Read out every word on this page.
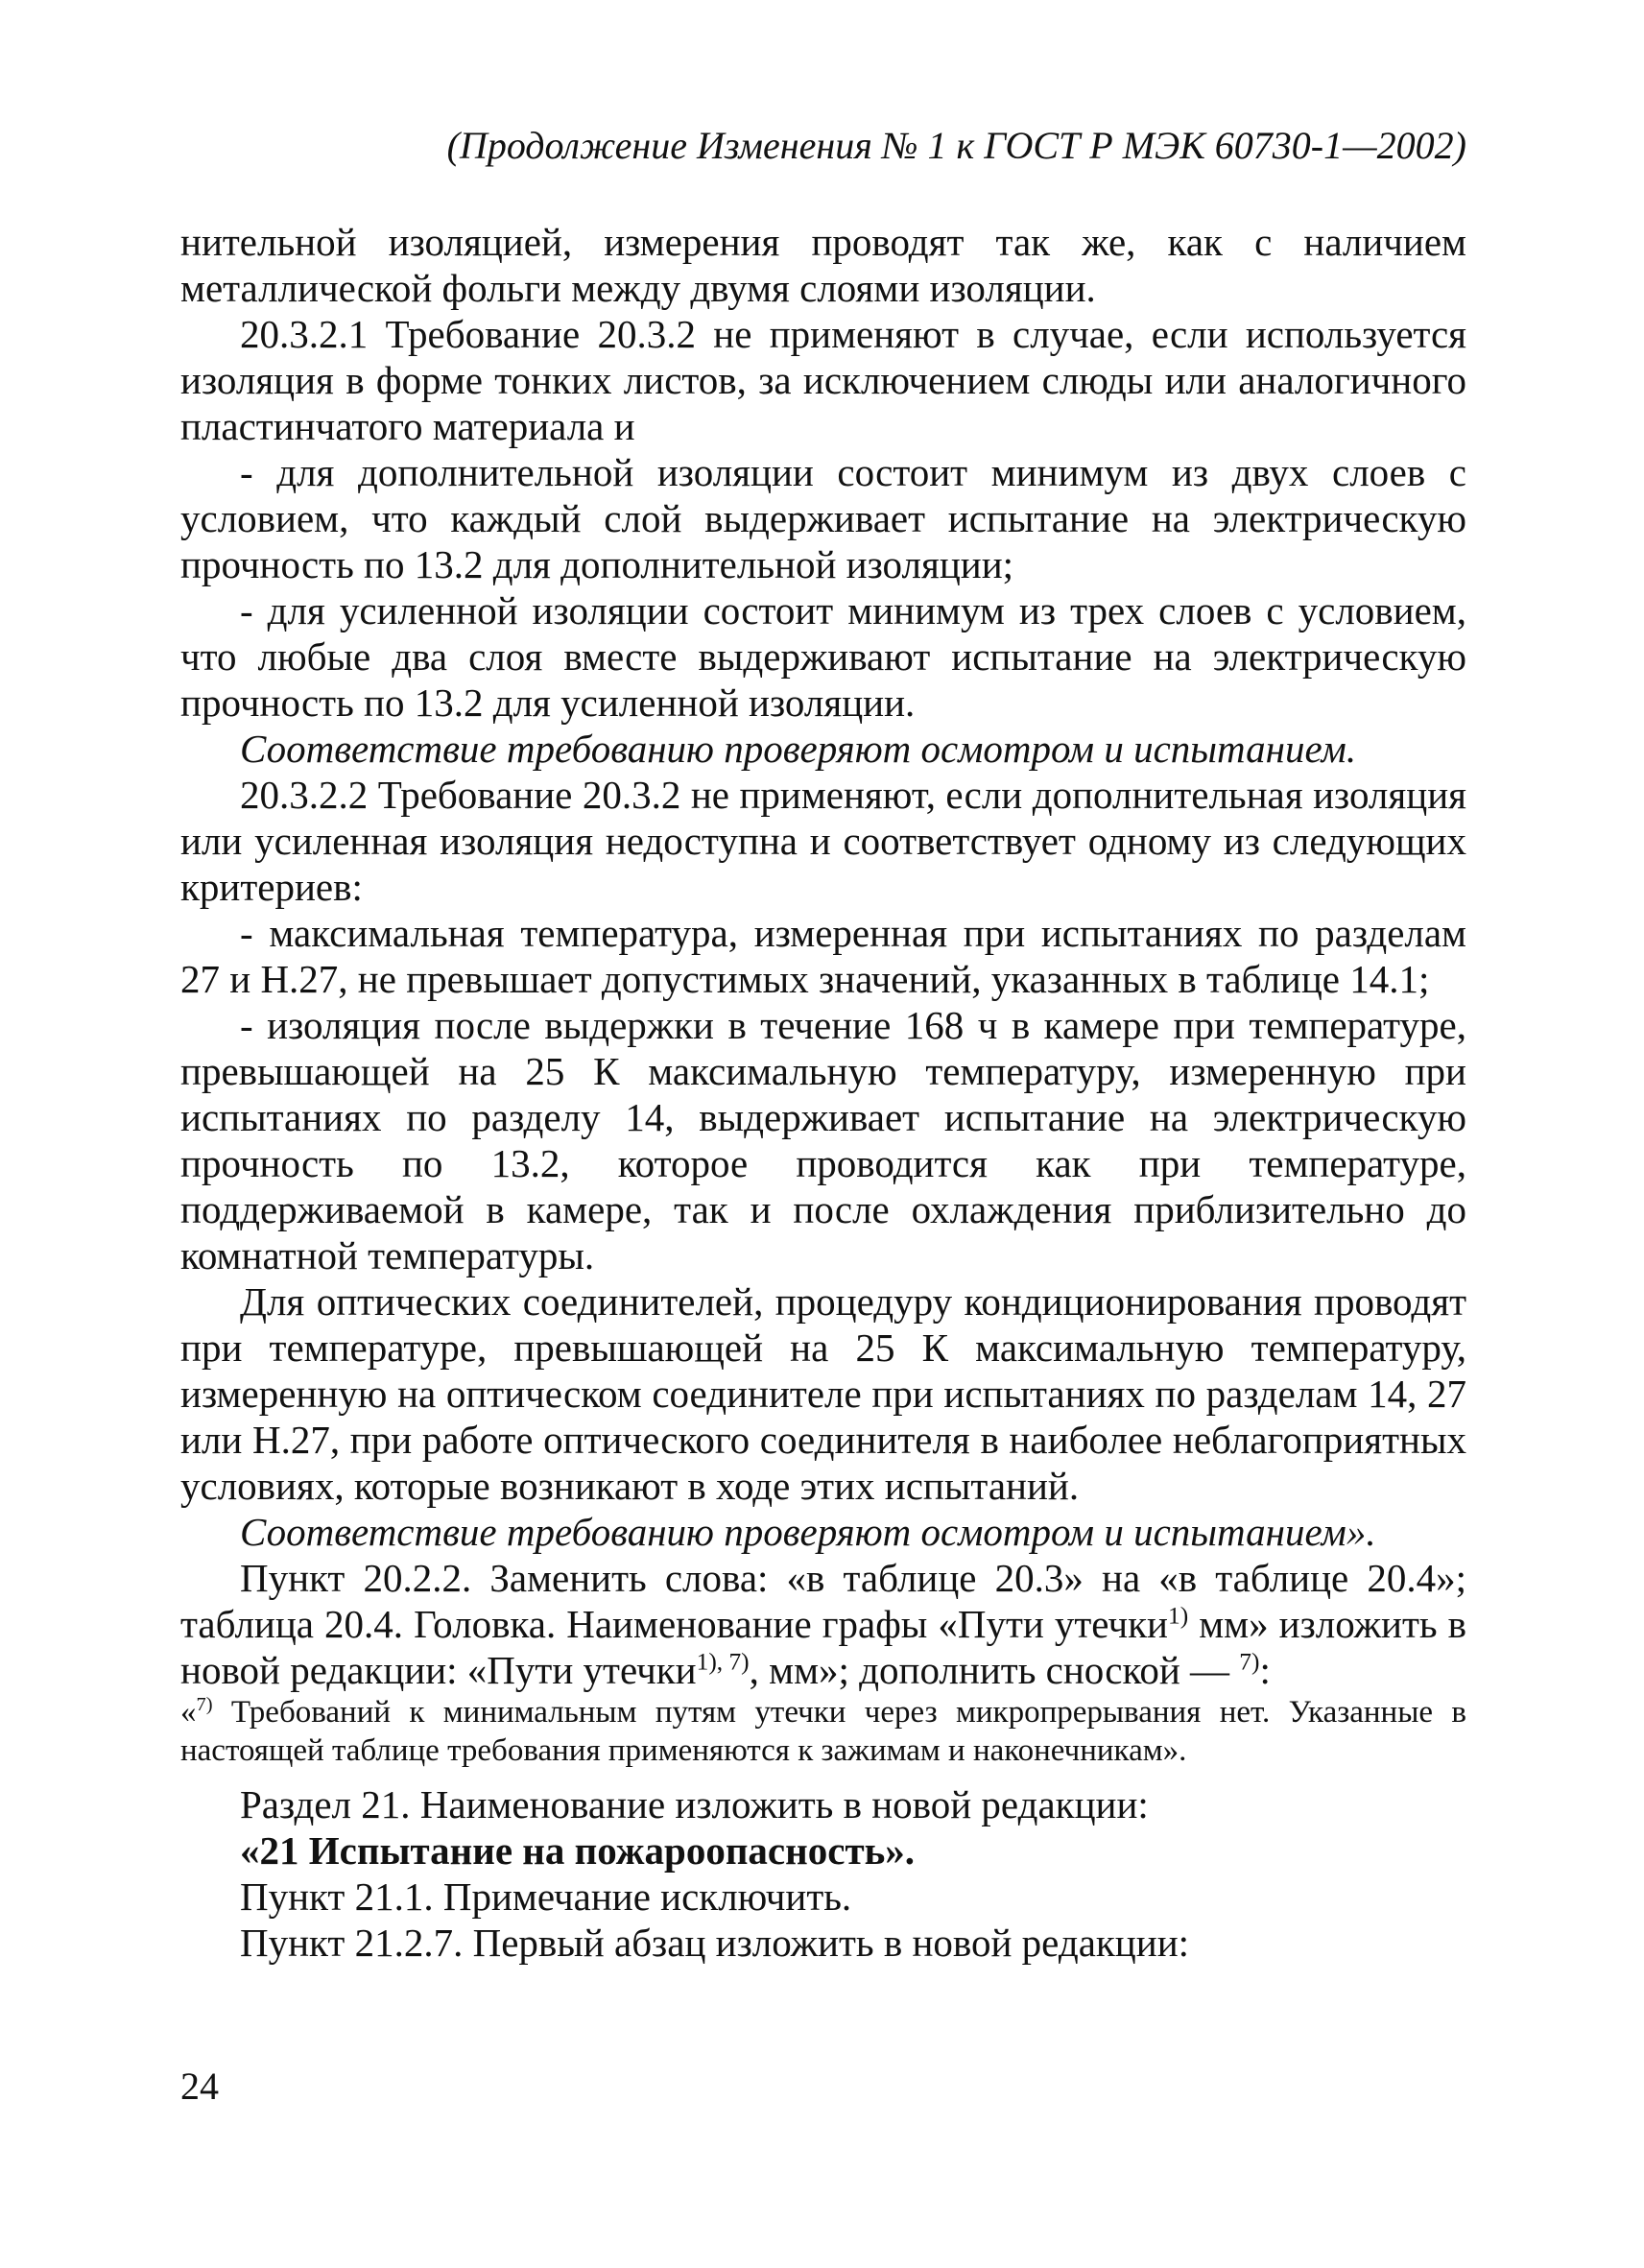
(Продолжение Изменения № 1 к ГОСТ Р МЭК 60730-1—2002)

нительной изоляцией, измерения проводят так же, как с наличием металлической фольги между двумя слоями изоляции.

20.3.2.1 Требование 20.3.2 не применяют в случае, если используется изоляция в форме тонких листов, за исключением слюды или аналогичного пластинчатого материала и

- для дополнительной изоляции состоит минимум из двух слоев с условием, что каждый слой выдерживает испытание на электрическую прочность по 13.2 для дополнительной изоляции;

- для усиленной изоляции состоит минимум из трех слоев с условием, что любые два слоя вместе выдерживают испытание на электрическую прочность по 13.2 для усиленной изоляции.

Соответствие требованию проверяют осмотром и испытанием.

20.3.2.2 Требование 20.3.2 не применяют, если дополнительная изоляция или усиленная изоляция недоступна и соответствует одному из следующих критериев:

- максимальная температура, измеренная при испытаниях по разделам 27 и Н.27, не превышает допустимых значений, указанных в таблице 14.1;

- изоляция после выдержки в течение 168 ч в камере при температуре, превышающей на 25 К максимальную температуру, измеренную при испытаниях по разделу 14, выдерживает испытание на электрическую прочность по 13.2, которое проводится как при температуре, поддерживаемой в камере, так и после охлаждения приблизительно до комнатной температуры.

Для оптических соединителей, процедуру кондиционирования проводят при температуре, превышающей на 25 К максимальную температуру, измеренную на оптическом соединителе при испытаниях по разделам 14, 27 или Н.27, при работе оптического соединителя в наиболее неблагоприятных условиях, которые возникают в ходе этих испытаний.

Соответствие требованию проверяют осмотром и испытанием».

Пункт 20.2.2. Заменить слова: «в таблице 20.3» на «в таблице 20.4»; таблица 20.4. Головка. Наименование графы «Пути утечки$^{1)}$ мм» изложить в новой редакции: «Пути утечки$^{1), 7)}$, мм»; дополнить сноской — $^{7)}$:

«$^{7)}$ Требований к минимальным путям утечки через микропрерывания нет. Указанные в настоящей таблице требования применяются к зажимам и наконечникам».

Раздел 21. Наименование изложить в новой редакции:

«21 Испытание на пожароопасность».

Пункт 21.1. Примечание исключить.

Пункт 21.2.7. Первый абзац изложить в новой редакции:

24
